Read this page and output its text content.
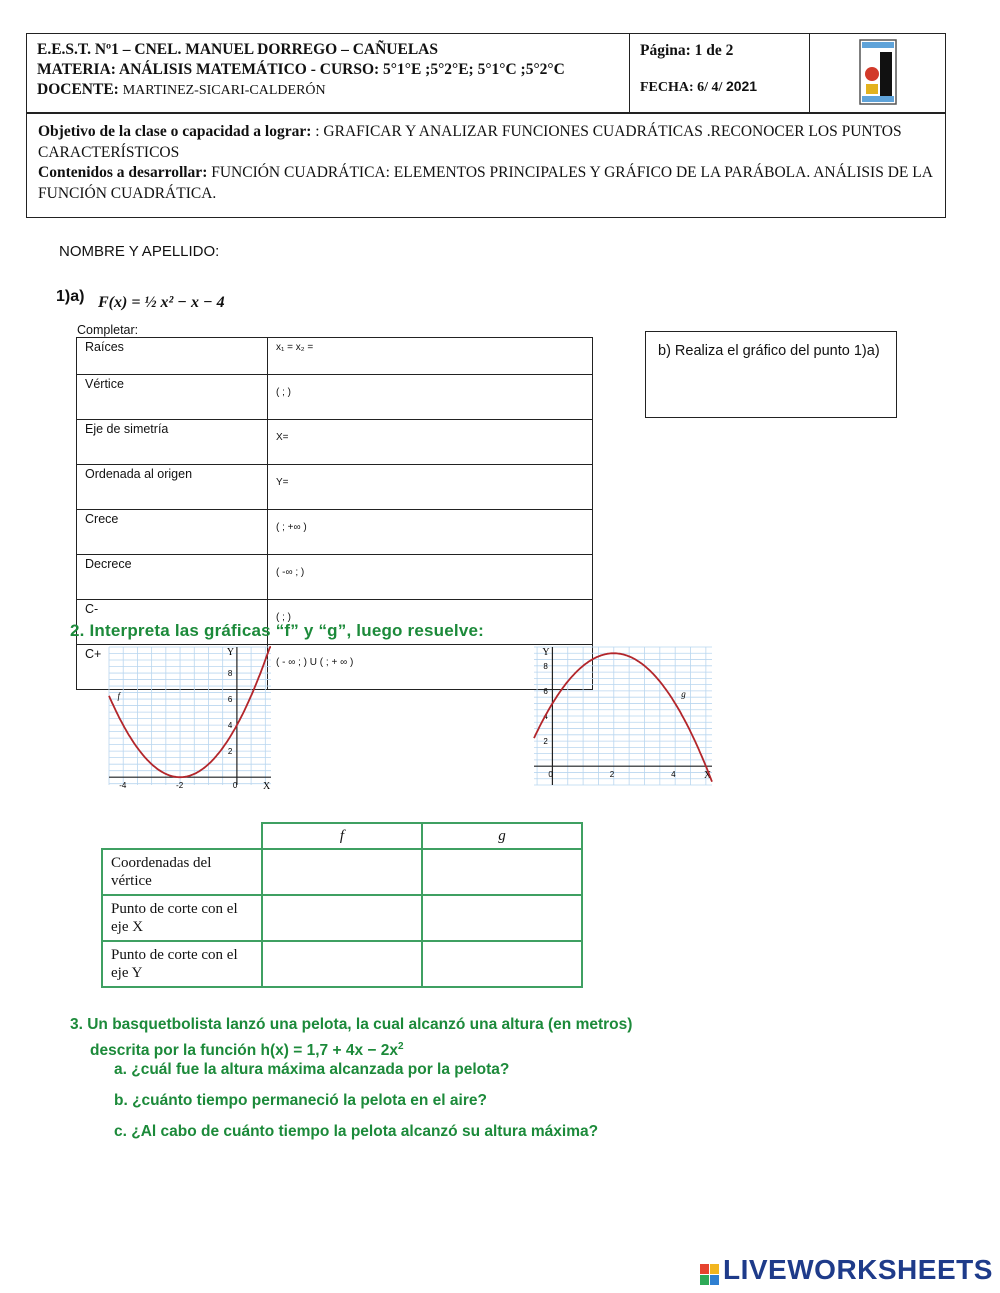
E.E.S.T. Nº1 – CNEL. MANUEL DORREGO – CAÑUELAS
MATERIA: ANÁLISIS MATEMÁTICO - CURSO: 5°1°E ;5°2°E; 5°1°C ;5°2°C
DOCENTE: MARTINEZ-SICARI-CALDERÓN
Página: 1 de 2
FECHA: 6/ 4/ 2021
Objetivo de la clase o capacidad a lograr: : GRAFICAR Y ANALIZAR FUNCIONES CUADRÁTICAS .RECONOCER LOS PUNTOS CARACTERÍSTICOS
Contenidos a desarrollar: FUNCIÓN CUADRÁTICA: ELEMENTOS PRINCIPALES Y GRÁFICO DE LA PARÁBOLA. ANÁLISIS DE LA FUNCIÓN CUADRÁTICA.
NOMBRE Y APELLIDO:
1)a) F(x) = ½ x² − x − 4
Completar:
Raíces	x₁ = x₂ =
Vértice	( ; )
Eje de simetría	X=
Ordenada al origen	Y=
Crece	( ; +∞ )
Decrece	( -∞ ; )
C-	( ; )
C+	( - ∞ ; ) U ( ; + ∞ )
b) Realiza el gráfico del punto 1)a)
2. Interpreta las gráficas “f” y “g”, luego resuelve:
X
Y
-4	-2	0
2
4
6
8
f
X
Y
0	2	4
2
4
6
8
g
	f	g
Coordenadas del vértice		
Punto de corte con el eje X		
Punto de corte con el eje Y		
3. Un basquetbolista lanzó una pelota, la cual alcanzó una altura (en metros)
descrita por la función $h(x) = 1,7 + 4x - 2x^2$
a. ¿cuál fue la altura máxima alcanzada por la pelota?
b. ¿cuánto tiempo permaneció la pelota en el aire?
c. ¿Al cabo de cuánto tiempo la pelota alcanzó su altura máxima?
LIVEWORKSHEETS
